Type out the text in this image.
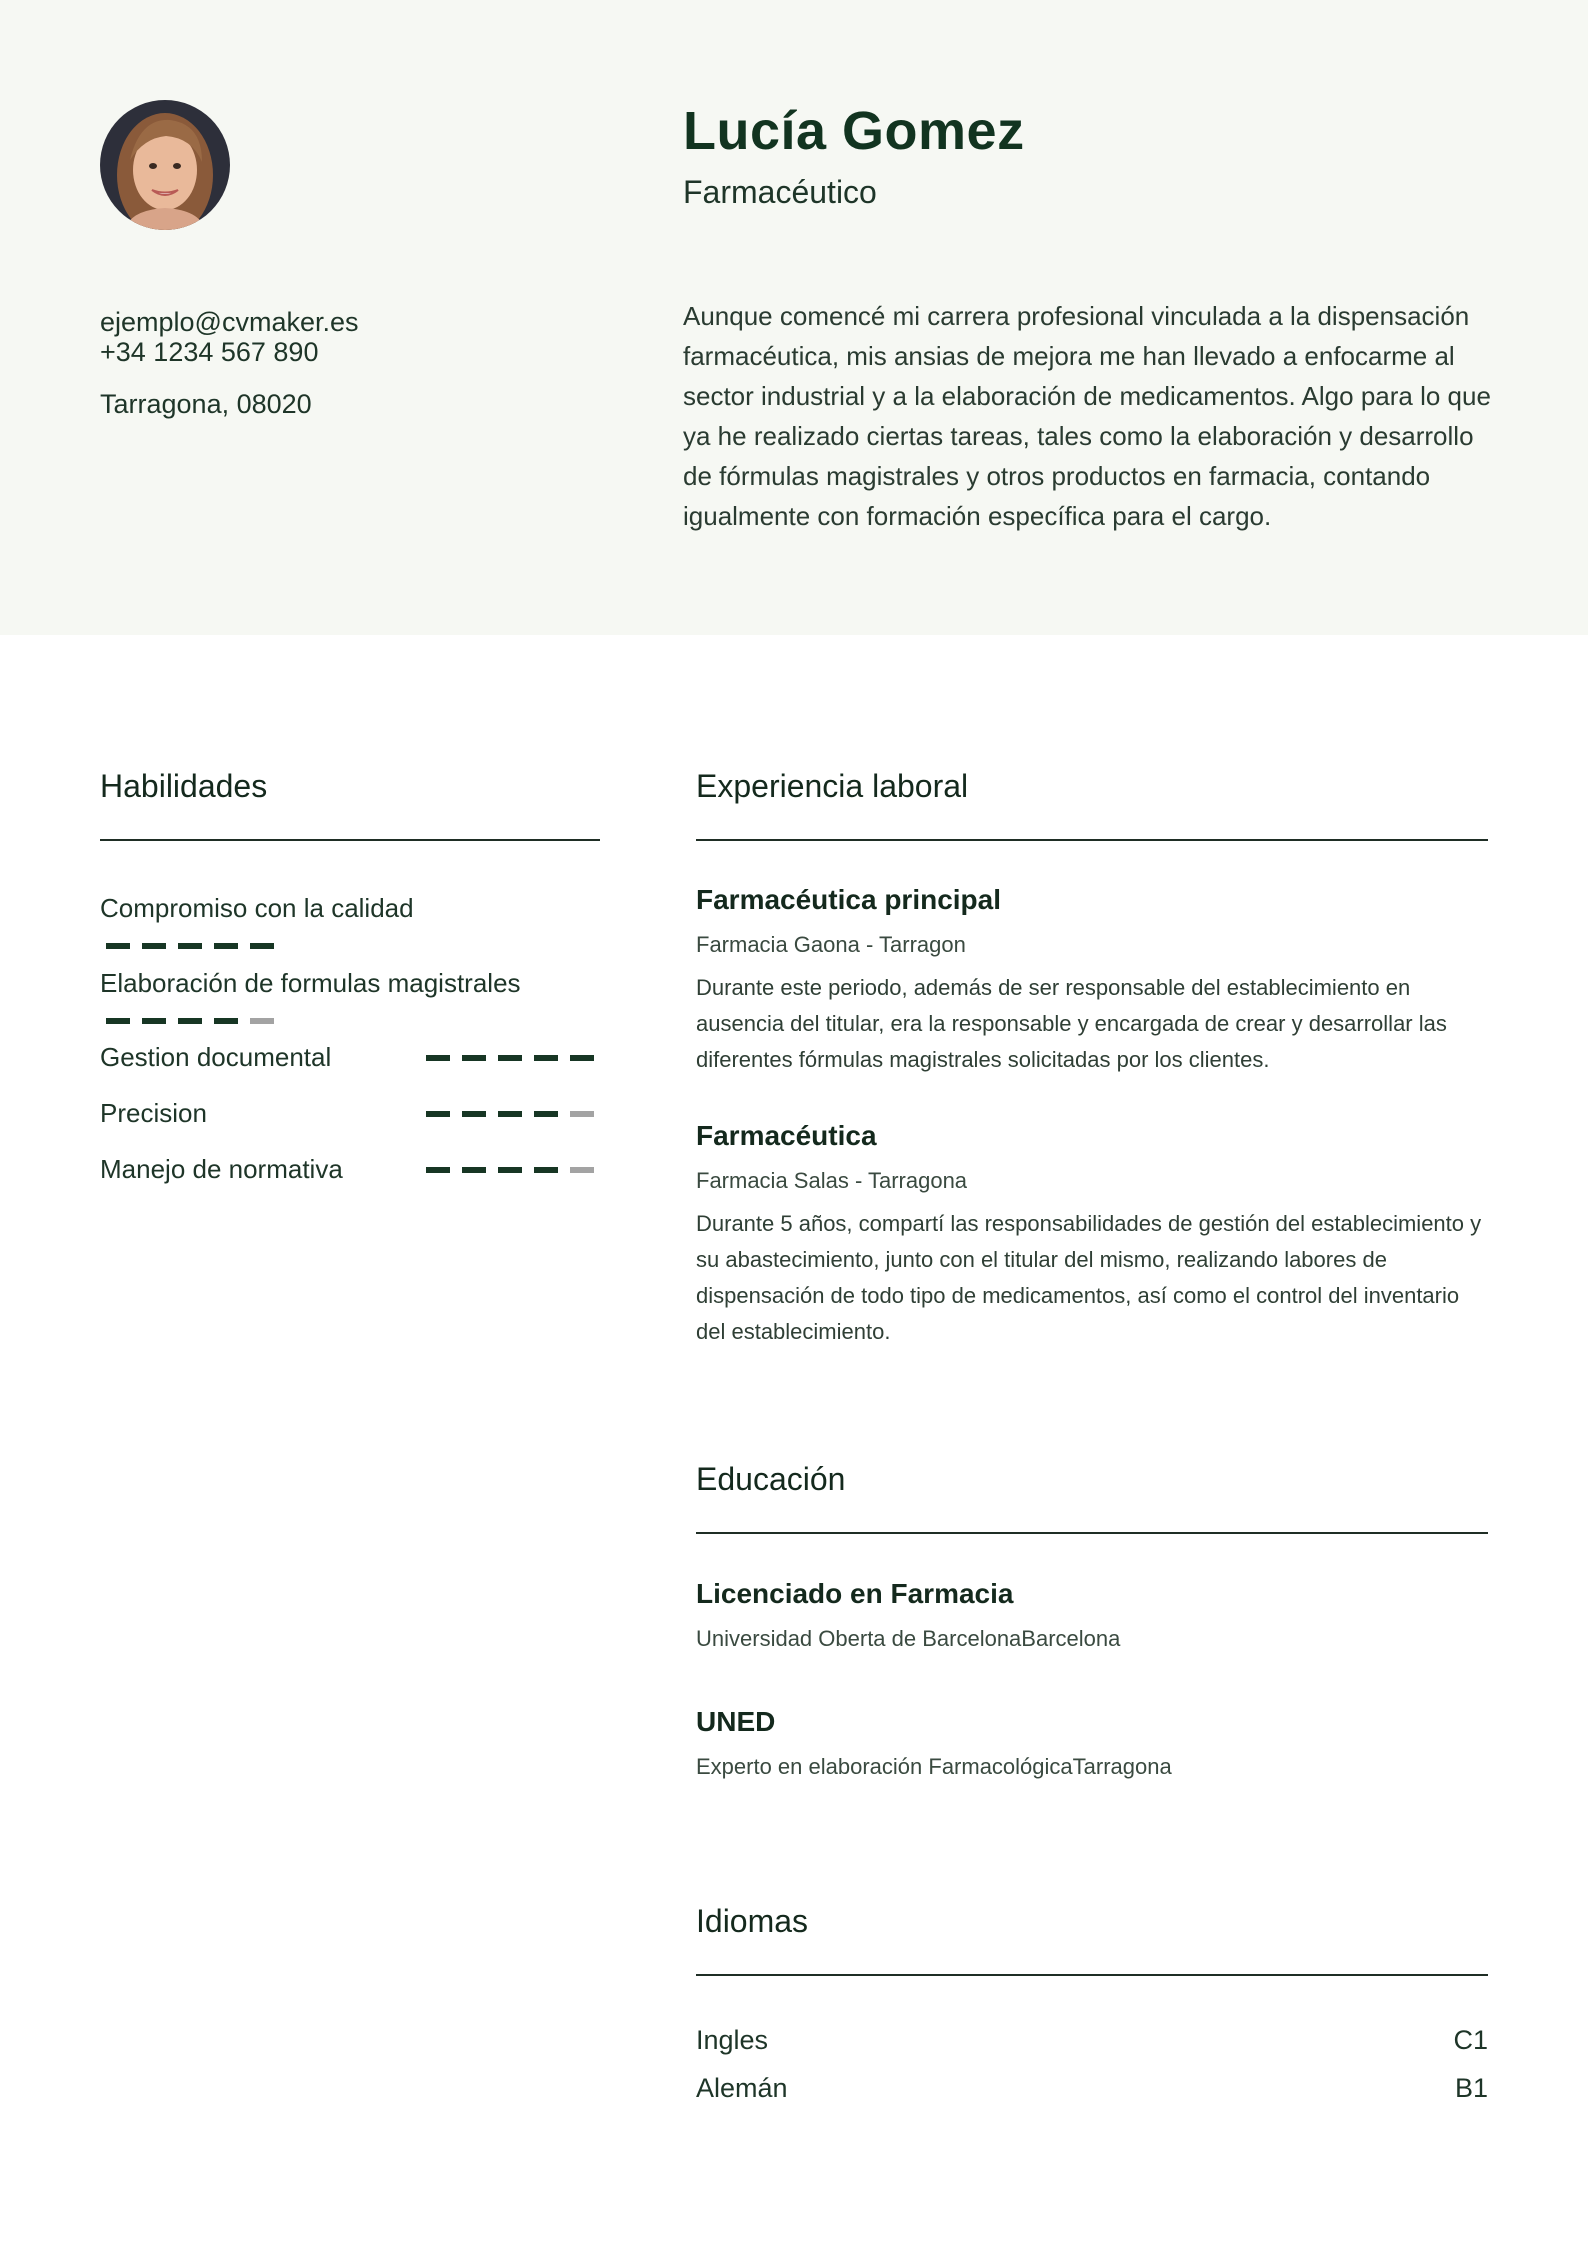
Lucía Gomez
Farmacéutico
ejemplo@cvmaker.es
+34 1234 567 890
Tarragona, 08020
Aunque comencé mi carrera profesional vinculada a la dispensación farmacéutica, mis ansias de mejora me han llevado a enfocarme al sector industrial y a la elaboración de medicamentos. Algo para lo que ya he realizado ciertas tareas, tales como la elaboración y desarrollo de fórmulas magistrales y otros productos en farmacia, contando igualmente con formación específica para el cargo.
Habilidades
Compromiso con la calidad
Elaboración de formulas magistrales
Gestion documental
Precision
Manejo de normativa
Experiencia laboral
Farmacéutica principal
Farmacia Gaona - Tarragon
Durante este periodo, además de ser responsable del establecimiento en ausencia del titular, era la responsable y encargada de crear y desarrollar las diferentes fórmulas magistrales solicitadas por los clientes.
Farmacéutica
Farmacia Salas - Tarragona
Durante 5 años, compartí las responsabilidades de gestión del establecimiento y su abastecimiento, junto con el titular del mismo, realizando labores de dispensación de todo tipo de medicamentos, así como el control del inventario del establecimiento.
Educación
Licenciado en Farmacia
Universidad Oberta de BarcelonaBarcelona
UNED
Experto en elaboración FarmacológicaTarragona
Idiomas
Ingles	C1
Alemán	B1
